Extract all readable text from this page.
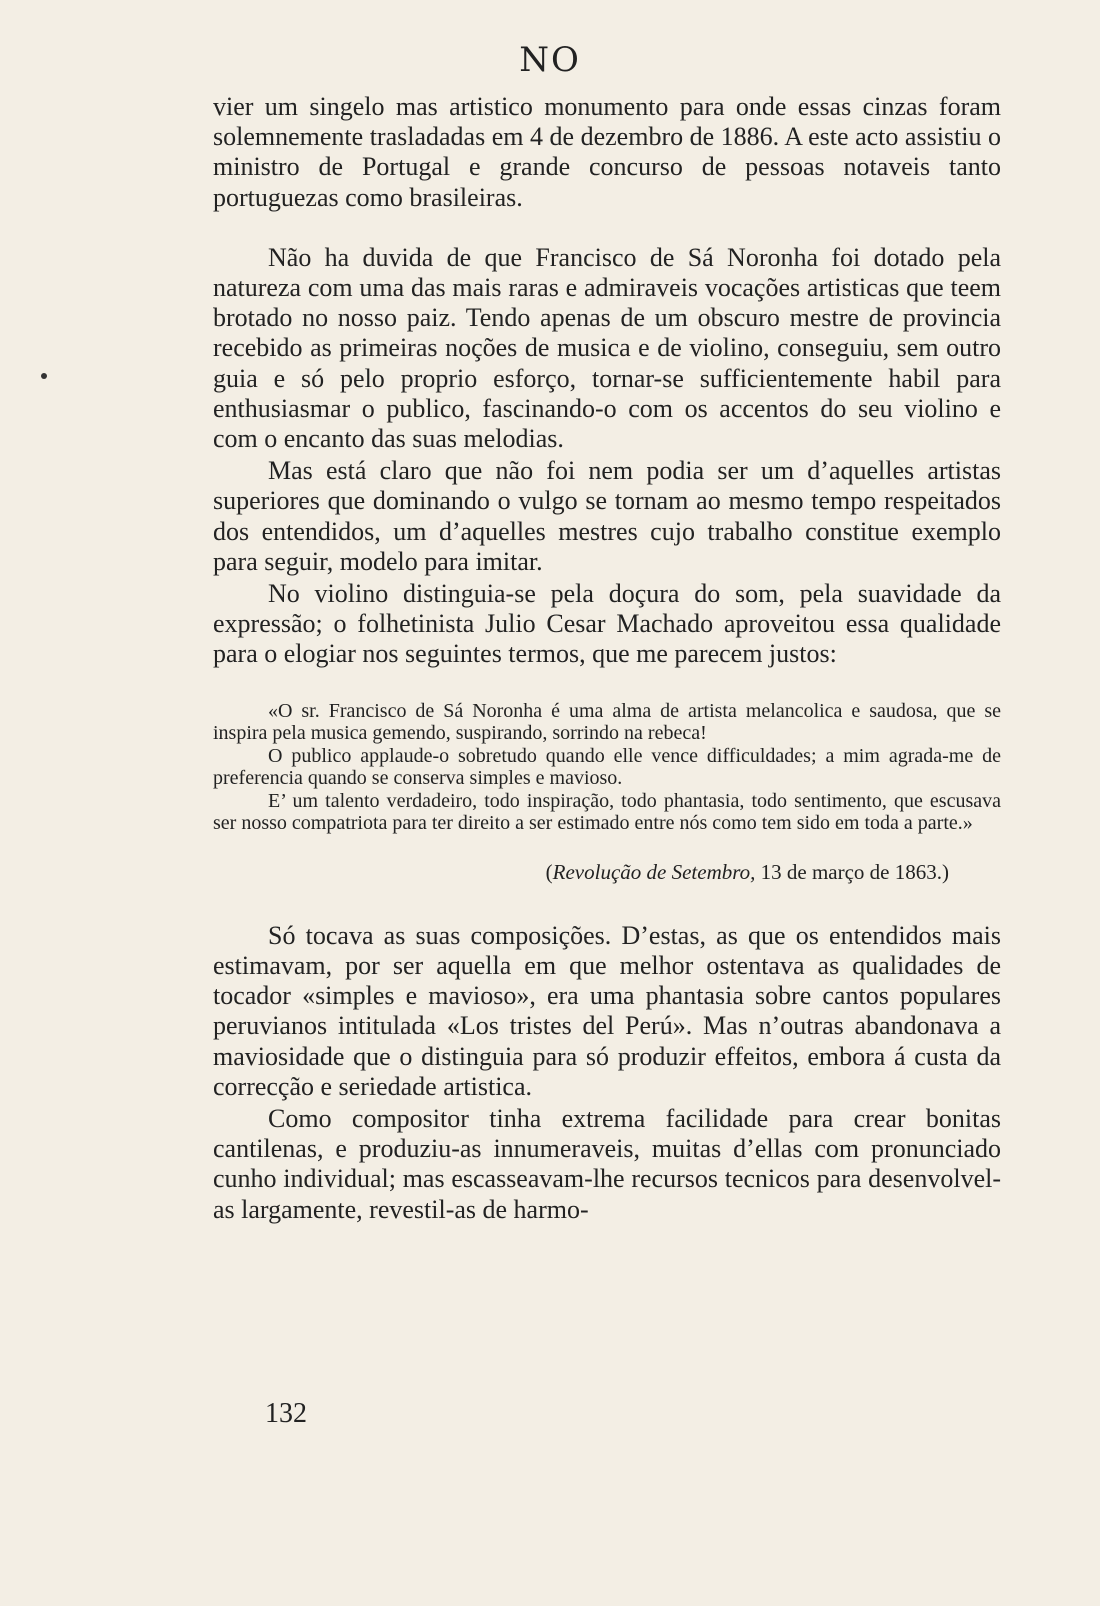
NO

vier um singelo mas artistico monumento para onde essas cinzas foram solemnemente trasladadas em 4 de dezembro de 1886. A este acto assistiu o ministro de Portugal e grande concurso de pessoas notaveis tanto portuguezas como brasileiras.

Não ha duvida de que Francisco de Sá Noronha foi dotado pela natureza com uma das mais raras e admiraveis vocações artisticas que teem brotado no nosso paiz. Tendo apenas de um obscuro mestre de provincia recebido as primeiras noções de musica e de violino, conseguiu, sem outro guia e só pelo proprio esforço, tornar-se sufficientemente habil para enthusiasmar o publico, fascinando-o com os accentos do seu violino e com o encanto das suas melodias.

Mas está claro que não foi nem podia ser um d’aquelles artistas superiores que dominando o vulgo se tornam ao mesmo tempo respeitados dos entendidos, um d’aquelles mestres cujo trabalho constitue exemplo para seguir, modelo para imitar.

No violino distinguia-se pela doçura do som, pela suavidade da expressão; o folhetinista Julio Cesar Machado aproveitou essa qualidade para o elogiar nos seguintes termos, que me parecem justos:

«O sr. Francisco de Sá Noronha é uma alma de artista melancolica e saudosa, que se inspira pela musica gemendo, suspirando, sorrindo na rebeca!

O publico applaude-o sobretudo quando elle vence difficuldades; a mim agrada-me de preferencia quando se conserva simples e mavioso.

E’ um talento verdadeiro, todo inspiração, todo phantasia, todo sentimento, que escusava ser nosso compatriota para ter direito a ser estimado entre nós como tem sido em toda a parte.»

(Revolução de Setembro, 13 de março de 1863.)

Só tocava as suas composições. D’estas, as que os entendidos mais estimavam, por ser aquella em que melhor ostentava as qualidades de tocador «simples e mavioso», era uma phantasia sobre cantos populares peruvianos intitulada «Los tristes del Perú». Mas n’outras abandonava a maviosidade que o distinguia para só produzir effeitos, embora á custa da correcção e seriedade artistica.

Como compositor tinha extrema facilidade para crear bonitas cantilenas, e produziu-as innumeraveis, muitas d’ellas com pronunciado cunho individual; mas escasseavam-lhe recursos tecnicos para desenvolvel-as largamente, revestil-as de harmo-

132
